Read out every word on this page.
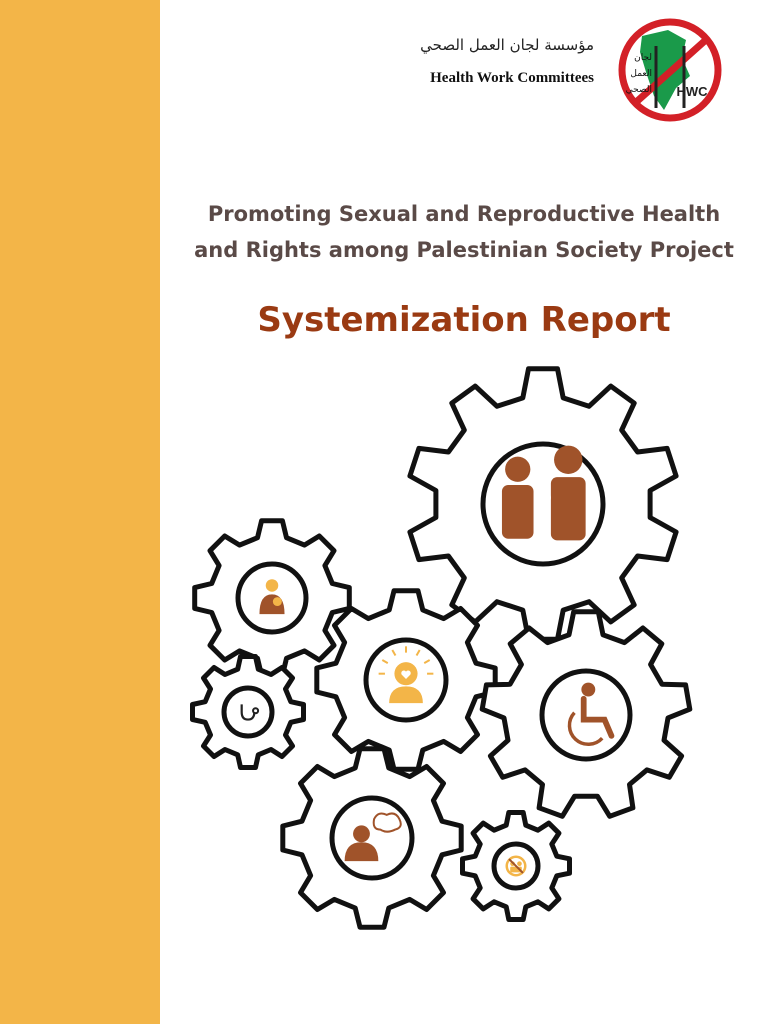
مؤسسة لجان العمل الصحي
Health Work Committees
لجان
العمل
الصحي HWC
Promoting Sexual and Reproductive Health
and Rights among Palestinian Society Project
Systemization Report
